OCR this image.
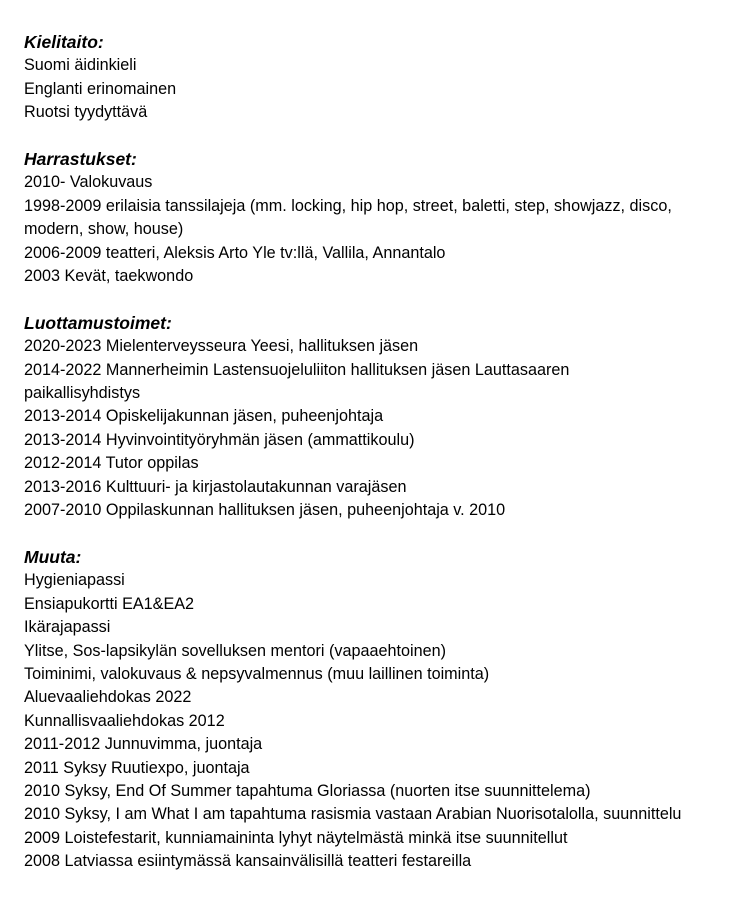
Kielitaito:
Suomi äidinkieli
Englanti erinomainen
Ruotsi tyydyttävä
Harrastukset:
2010- Valokuvaus
1998-2009 erilaisia tanssilajeja (mm. locking, hip hop, street, baletti, step, showjazz, disco,
modern, show, house)
2006-2009 teatteri, Aleksis Arto Yle tv:llä, Vallila, Annantalo
2003 Kevät, taekwondo
Luottamustoimet:
2020-2023 Mielenterveysseura Yeesi, hallituksen jäsen
2014-2022 Mannerheimin Lastensuojeluliiton hallituksen jäsen Lauttasaaren
paikallisyhdistys
2013-2014 Opiskelijakunnan jäsen, puheenjohtaja
2013-2014 Hyvinvointityöryhmän jäsen (ammattikoulu)
2012-2014 Tutor oppilas
2013-2016 Kulttuuri- ja kirjastolautakunnan varajäsen
2007-2010 Oppilaskunnan hallituksen jäsen, puheenjohtaja v. 2010
Muuta:
Hygieniapassi
Ensiapukortti EA1&EA2
Ikärajapassi
Ylitse, Sos-lapsikylän sovelluksen mentori (vapaaehtoinen)
Toiminimi, valokuvaus & nepsyvalmennus (muu laillinen toiminta)
Aluevaaliehdokas 2022
Kunnallisvaaliehdokas 2012
2011-2012 Junnuvimma, juontaja
2011 Syksy Ruutiexpo, juontaja
2010 Syksy, End Of Summer tapahtuma Gloriassa (nuorten itse suunnittelema)
2010 Syksy, I am What I am tapahtuma rasismia vastaan Arabian Nuorisotalolla, suunnittelu
2009 Loistefestarit, kunniamaininta lyhyt näytelmästä minkä itse suunnitellut
2008 Latviassa esiintymässä kansainvälisillä teatteri festareilla
